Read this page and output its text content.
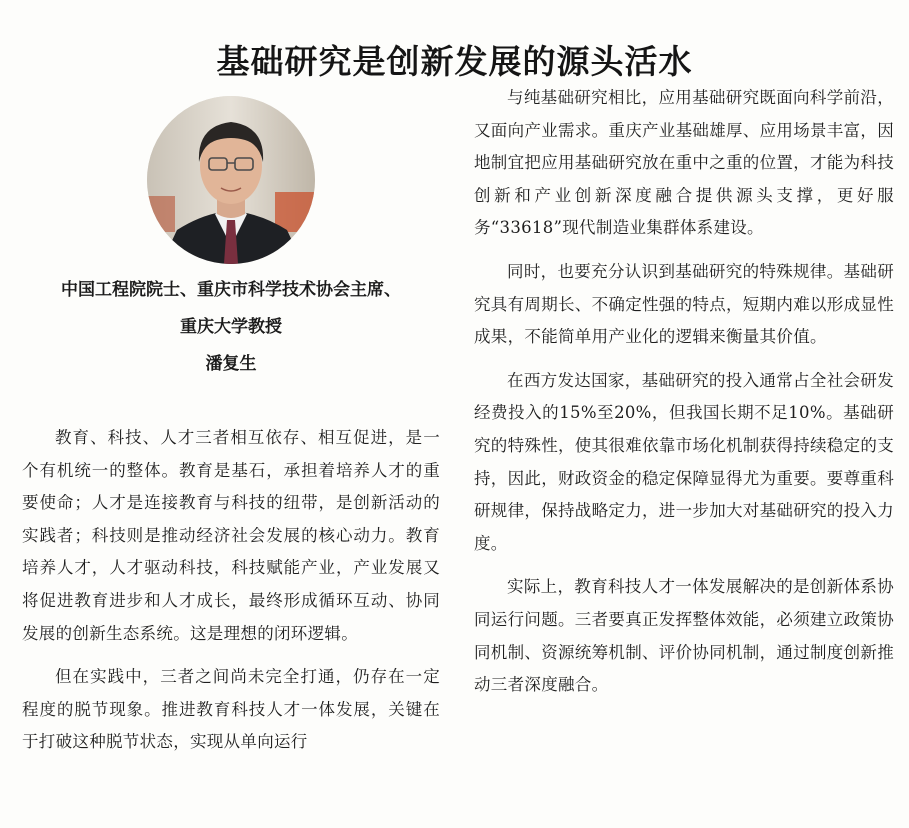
基础研究是创新发展的源头活水
中国工程院院士、重庆市科学技术协会主席、
重庆大学教授
潘复生

教育、科技、人才三者相互依存、相互促进，是一个有机统一的整体。教育是基石，承担着培养人才的重要使命；人才是连接教育与科技的纽带，是创新活动的实践者；科技则是推动经济社会发展的核心动力。教育培养人才，人才驱动科技，科技赋能产业，产业发展又将促进教育进步和人才成长，最终形成循环互动、协同发展的创新生态系统。这是理想的闭环逻辑。

但在实践中，三者之间尚未完全打通，仍存在一定程度的脱节现象。推进教育科技人才一体发展，关键在于打破这种脱节状态，实现从单向运行

与纯基础研究相比，应用基础研究既面向科学前沿，又面向产业需求。重庆产业基础雄厚、应用场景丰富，因地制宜把应用基础研究放在重中之重的位置，才能为科技创新和产业创新深度融合提供源头支撑，更好服务“33618”现代制造业集群体系建设。

同时，也要充分认识到基础研究的特殊规律。基础研究具有周期长、不确定性强的特点，短期内难以形成显性成果，不能简单用产业化的逻辑来衡量其价值。

在西方发达国家，基础研究的投入通常占全社会研发经费投入的15%至20%，但我国长期不足10%。基础研究的特殊性，使其很难依靠市场化机制获得持续稳定的支持，因此，财政资金的稳定保障显得尤为重要。要尊重科研规律，保持战略定力，进一步加大对基础研究的投入力度。

实际上，教育科技人才一体发展解决的是创新体系协同运行问题。三者要真正发挥整体效能，必须建立政策协同机制、资源统筹机制、评价协同机制，通过制度创新推动三者深度融合。
